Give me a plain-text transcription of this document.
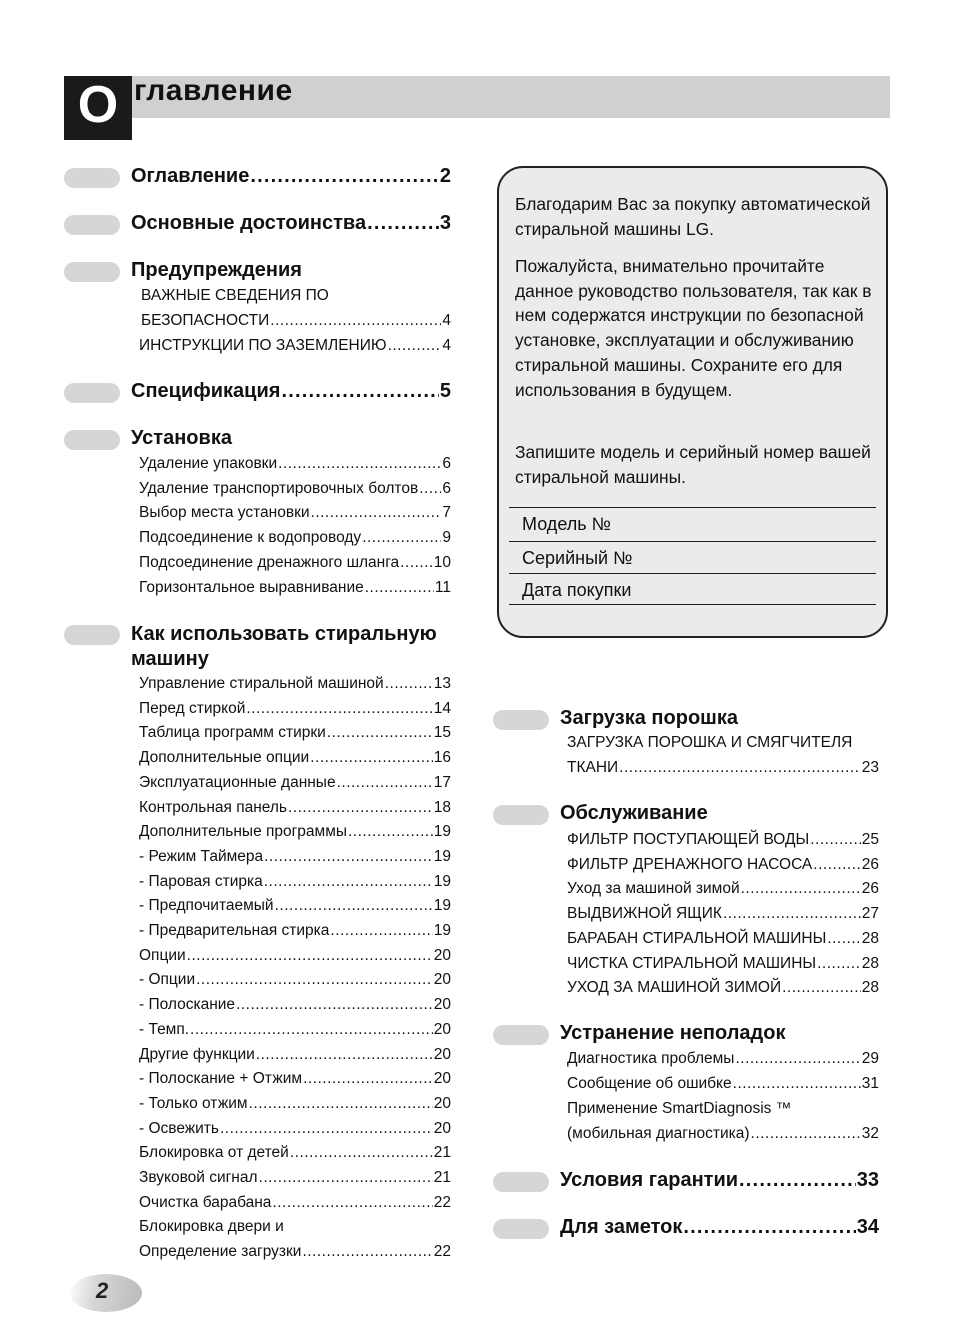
О главление
Оглавление .....	2
Основные достоинства .....	3
Предупреждения
ВАЖНЫЕ СВЕДЕНИЯ ПО
БЕЗОПАСНОСТИ .....	4
ИНСТРУКЦИИ ПО ЗАЗЕМЛЕНИЮ .....	4
Спецификация .....	5
Установка
Удаление упаковки .....	6
Удаление транспортировочных болтов ..... 6
Выбор места установки .....	7
Подсоединение к водопроводу .....	9
Подсоединение дренажного шланга ..... 10
Горизонтальное выравнивание .....	11
Как использовать стиральную
машину
Управление стиральной машиной .....	13
Перед стиркой .....	14
Таблица программ стирки .....	15
Дополнительные опции .....	16
Эксплуатационные данные .....	17
Контрольная панель .....	18
Дополнительные программы .....	19
- Режим Таймера .....	19
- Паровая стирка .....	19
- Предпочитаемый .....	19
- Предварительная стирка .....	19
Опции .....	20
- Опции .....	20
- Полоскание .....	20
- Темп. .....	20
Другие функции .....	20
- Полоскание + Отжим .....	20
- Только отжим .....	20
- Освежить .....	20
Блокировка от детей .....	21
Звуковой сигнал .....	21
Очистка барабана .....	22
Блокировка двери и
Определение загрузки .....	22
Благодарим Вас за покупку автоматической стиральной машины LG.
Пожалуйста, внимательно прочитайте данное руководство пользователя, так как в нем содержатся инструкции по безопасной установке, эксплуатации и обслуживанию стиральной машины. Сохраните его для использования в будущем.
Запишите модель и серийный номер вашей стиральной машины.
Модель №
Серийный №
Дата покупки
Загрузка порошка
ЗАГРУЗКА ПОРОШКА И СМЯГЧИТЕЛЯ
ТКАНИ .....	23
Обслуживание
ФИЛЬТР ПОСТУПАЮЩЕЙ ВОДЫ .....	25
ФИЛЬТР ДРЕНАЖНОГО НАСОСА .....	26
Уход за машиной зимой .....	26
ВЫДВИЖНОЙ ЯЩИК .....	27
БАРАБАН СТИРАЛЬНОЙ МАШИНЫ ..... 28
ЧИСТКА СТИРАЛЬНОЙ МАШИНЫ .....	28
УХОД ЗА МАШИНОЙ ЗИМОЙ .....	28
Устранение неполадок
Диагностика проблемы .....	29
Сообщение об ошибке .....	31
Применение SmartDiagnosis ™
(мобильная диагностика) .....	32
Условия гарантии .....	33
Для заметок .....	34
2
